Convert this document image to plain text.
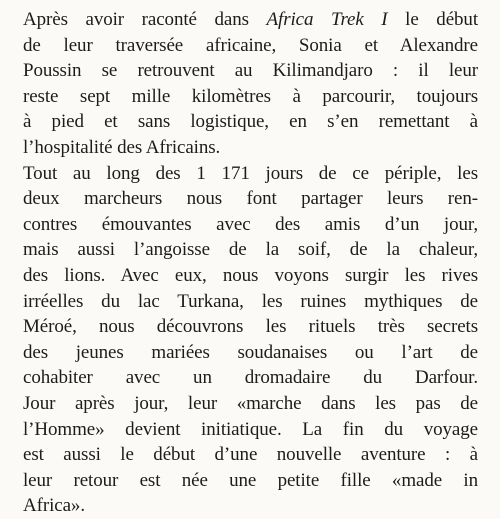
Après avoir raconté dans Africa Trek I le début
de leur traversée africaine, Sonia et Alexandre
Poussin se retrouvent au Kilimandjaro : il leur
reste sept mille kilomètres à parcourir, toujours
à pied et sans logistique, en s’en remettant à
l’hospitalité des Africains.
Tout au long des 1 171 jours de ce périple, les
deux marcheurs nous font partager leurs ren-
contres émouvantes avec des amis d’un jour,
mais aussi l’angoisse de la soif, de la chaleur,
des lions. Avec eux, nous voyons surgir les rives
irréelles du lac Turkana, les ruines mythiques de
Méroé, nous découvrons les rituels très secrets
des jeunes mariées soudanaises ou l’art de
cohabiter avec un dromadaire du Darfour.
Jour après jour, leur «marche dans les pas de
l’Homme» devient initiatique. La fin du voyage
est aussi le début d’une nouvelle aventure : à
leur retour est née une petite fille «made in
Africa».
